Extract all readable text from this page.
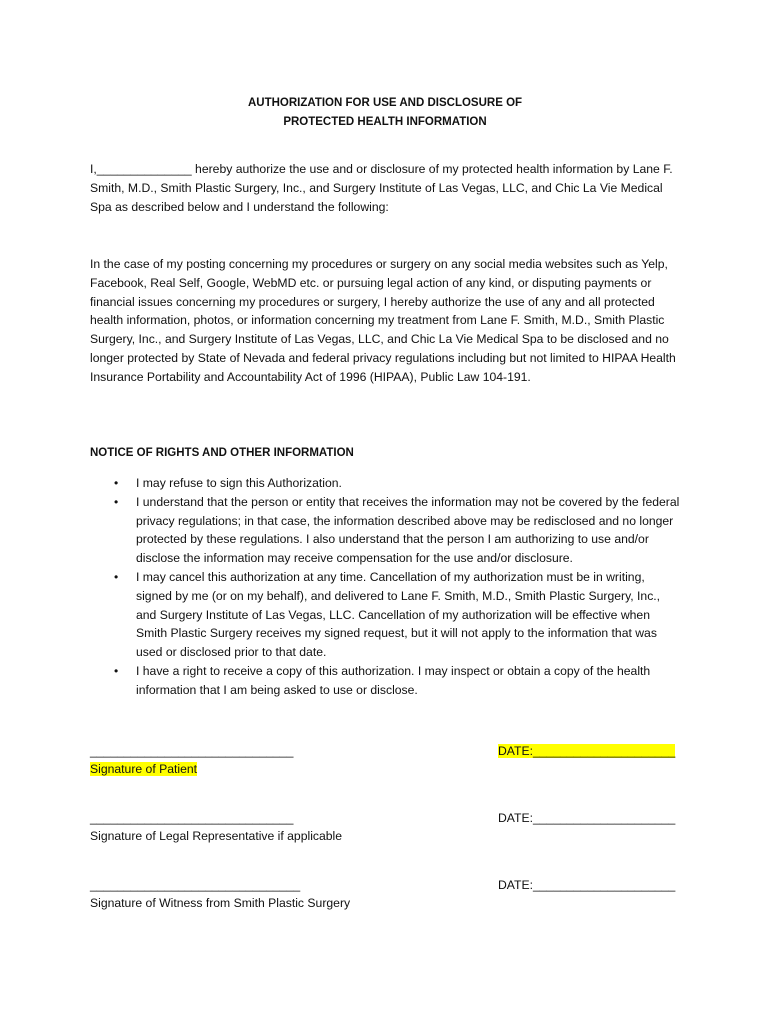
AUTHORIZATION FOR USE AND DISCLOSURE OF
PROTECTED HEALTH INFORMATION
I,______________ hereby authorize the use and or disclosure of my protected health information by Lane F. Smith, M.D., Smith Plastic Surgery, Inc., and Surgery Institute of Las Vegas, LLC, and Chic La Vie Medical Spa as described below and I understand the following:
In the case of my posting concerning my procedures or surgery on any social media websites such as Yelp, Facebook, Real Self, Google, WebMD etc. or pursuing legal action of any kind, or disputing payments or financial issues concerning my procedures or surgery, I hereby authorize the use of any and all protected health information, photos, or information concerning my treatment from Lane F. Smith, M.D., Smith Plastic Surgery, Inc., and Surgery Institute of Las Vegas, LLC, and Chic La Vie Medical Spa to be disclosed and no longer protected by State of Nevada and federal privacy regulations including but not limited to HIPAA Health Insurance Portability and Accountability Act of 1996 (HIPAA), Public Law 104-191.
NOTICE OF RIGHTS AND OTHER INFORMATION
• I may refuse to sign this Authorization.
• I understand that the person or entity that receives the information may not be covered by the federal privacy regulations; in that case, the information described above may be redisclosed and no longer protected by these regulations. I also understand that the person I am authorizing to use and/or disclose the information may receive compensation for the use and/or disclosure.
• I may cancel this authorization at any time. Cancellation of my authorization must be in writing, signed by me (or on my behalf), and delivered to Lane F. Smith, M.D., Smith Plastic Surgery, Inc., and Surgery Institute of Las Vegas, LLC. Cancellation of my authorization will be effective when Smith Plastic Surgery receives my signed request, but it will not apply to the information that was used or disclosed prior to that date.
• I have a right to receive a copy of this authorization. I may inspect or obtain a copy of the health information that I am being asked to use or disclose.
______________________________
Signature of Patient
DATE:_____________________
______________________________
Signature of Legal Representative if applicable
DATE:_____________________
_______________________________
Signature of Witness from Smith Plastic Surgery
DATE:_____________________
